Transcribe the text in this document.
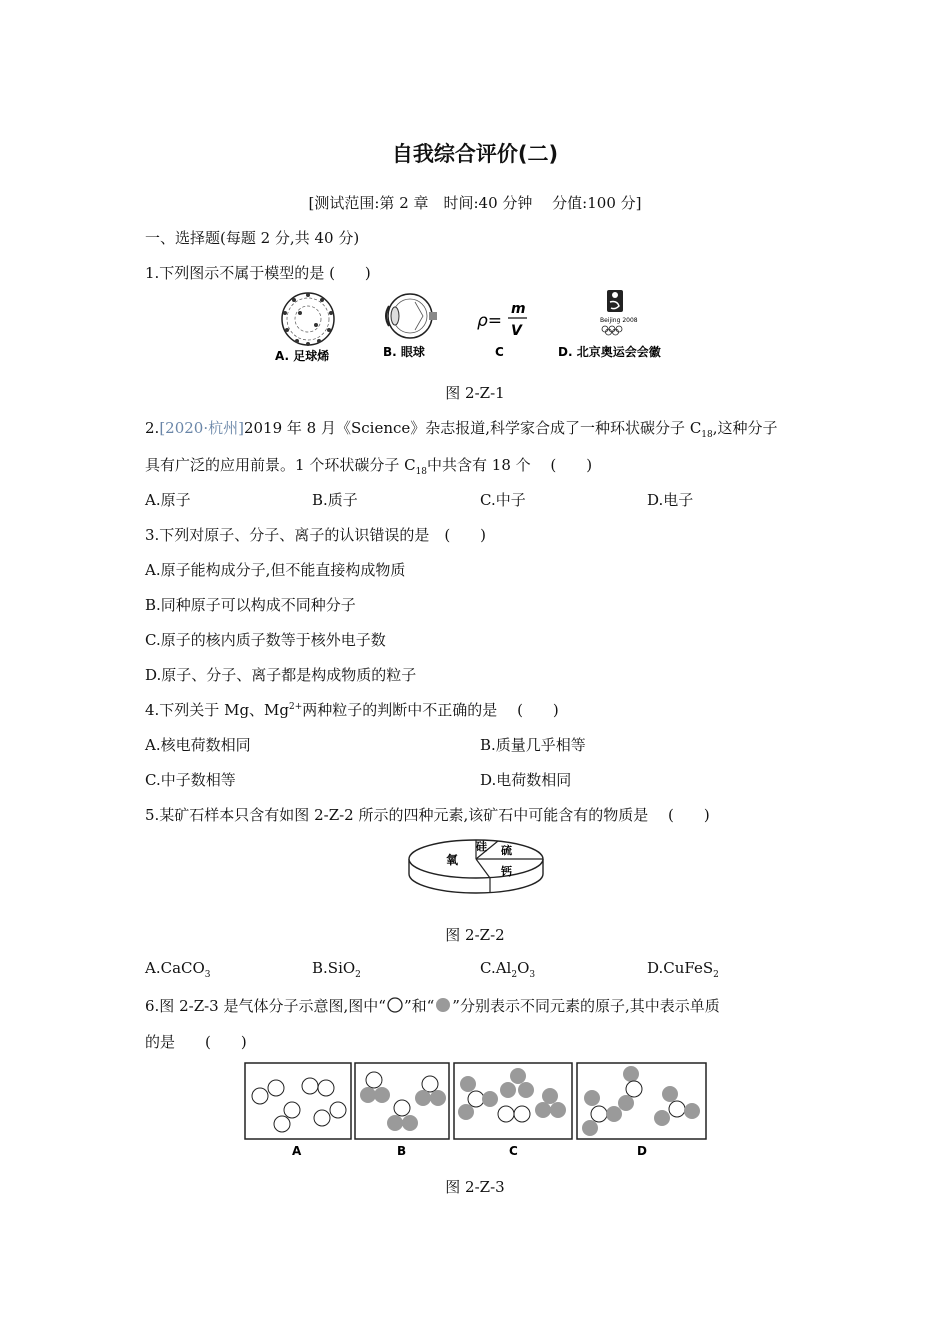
自我综合评价(二)
[测试范围:第 2 章　时间:40 分钟　 分值:100 分]
一、选择题(每题 2 分,共 40 分)
1.下列图示不属于模型的是 (　　)
A. 足球烯	B. 眼球
ρ=
m
V
C
Beijing 2008
D. 北京奥运会会徽
图 2-Z-1
2.[2020·杭州]2019 年 8 月《Science》杂志报道,科学家合成了一种环状碳分子 $C_{18}$,这种分子
具有广泛的应用前景。1 个环状碳分子 $C_{18}$中共含有 18 个　 (　　)
A.原子	B.质子	C.中子	D.电子
3.下列对原子、分子、离子的认识错误的是　(　　)
A.原子能构成分子,但不能直接构成物质
B.同种原子可以构成不同种分子
C.原子的核内质子数等于核外电子数
D.原子、分子、离子都是构成物质的粒子
4.下列关于 Mg、$Mg^{2+}$两种粒子的判断中不正确的是　 (　　)
A.核电荷数相同	B.质量几乎相等
C.中子数相等	D.电荷数相同
5.某矿石样本只含有如图 2-Z-2 所示的四种元素,该矿石中可能含有的物质是　 (　　)
氧
硅 硫
钙
图 2-Z-2
A.CaCO$_3$	B.SiO$_2$	$C.Al_2O_3$	D.CuFeS$_2$
6.图 2-Z-3 是气体分子示意图,图中“ ”和“ ”分别表示不同元素的原子,其中表示单质
的是　　(　　)
A	B	C	D
图 2-Z-3
